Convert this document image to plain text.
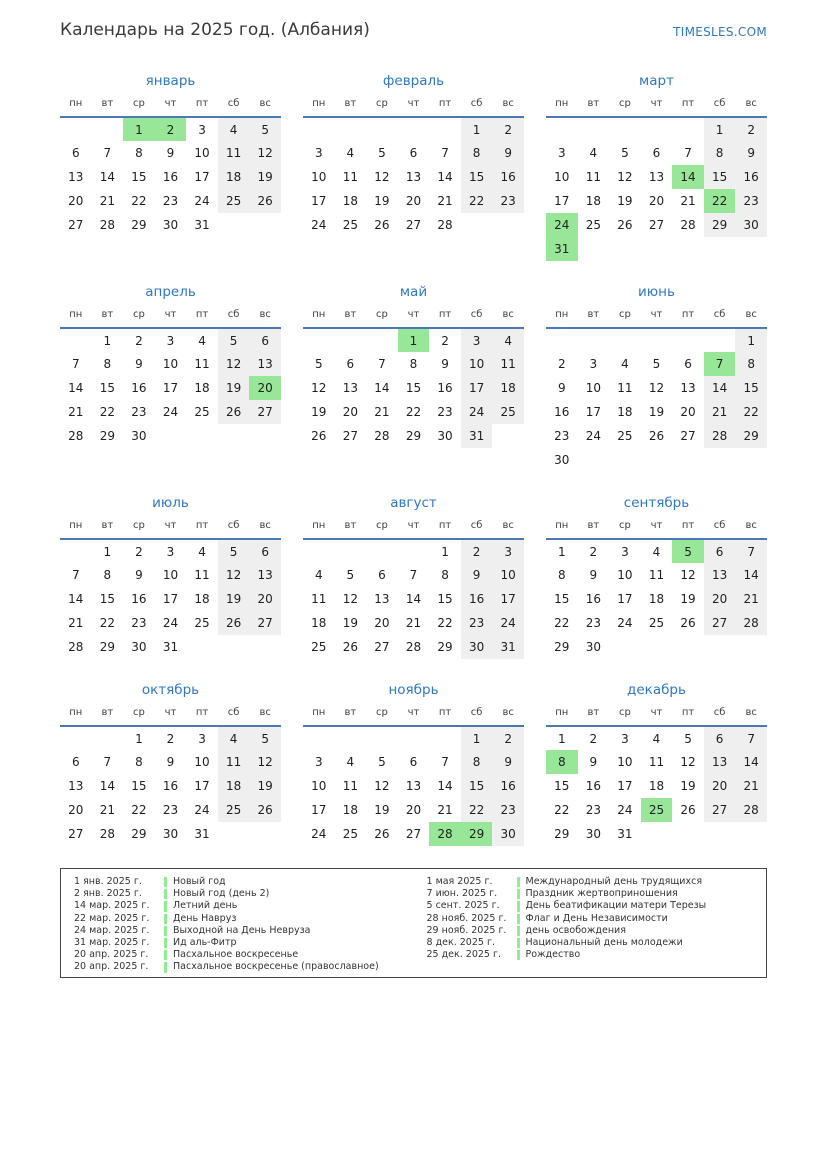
Календарь на 2025 год. (Албания)	TIMESLES.COM
январь
пн	вт	ср	чт	пт	сб	вс
		1	2	3	4	5
6	7	8	9	10	11	12
13	14	15	16	17	18	19
20	21	22	23	24	25	26
27	28	29	30	31		
февраль
пн	вт	ср	чт	пт	сб	вс
					1	2
3	4	5	6	7	8	9
10	11	12	13	14	15	16
17	18	19	20	21	22	23
24	25	26	27	28		
март
пн	вт	ср	чт	пт	сб	вс
					1	2
3	4	5	6	7	8	9
10	11	12	13	14	15	16
17	18	19	20	21	22	23
24	25	26	27	28	29	30
31						
апрель
пн	вт	ср	чт	пт	сб	вс
	1	2	3	4	5	6
7	8	9	10	11	12	13
14	15	16	17	18	19	20
21	22	23	24	25	26	27
28	29	30				
май
пн	вт	ср	чт	пт	сб	вс
			1	2	3	4
5	6	7	8	9	10	11
12	13	14	15	16	17	18
19	20	21	22	23	24	25
26	27	28	29	30	31	
июнь
пн	вт	ср	чт	пт	сб	вс
						1
2	3	4	5	6	7	8
9	10	11	12	13	14	15
16	17	18	19	20	21	22
23	24	25	26	27	28	29
30						
июль
пн	вт	ср	чт	пт	сб	вс
	1	2	3	4	5	6
7	8	9	10	11	12	13
14	15	16	17	18	19	20
21	22	23	24	25	26	27
28	29	30	31			
август
пн	вт	ср	чт	пт	сб	вс
				1	2	3
4	5	6	7	8	9	10
11	12	13	14	15	16	17
18	19	20	21	22	23	24
25	26	27	28	29	30	31
сентябрь
пн	вт	ср	чт	пт	сб	вс
1	2	3	4	5	6	7
8	9	10	11	12	13	14
15	16	17	18	19	20	21
22	23	24	25	26	27	28
29	30					
октябрь
пн	вт	ср	чт	пт	сб	вс
		1	2	3	4	5
6	7	8	9	10	11	12
13	14	15	16	17	18	19
20	21	22	23	24	25	26
27	28	29	30	31		
ноябрь
пн	вт	ср	чт	пт	сб	вс
					1	2
3	4	5	6	7	8	9
10	11	12	13	14	15	16
17	18	19	20	21	22	23
24	25	26	27	28	29	30
декабрь
пн	вт	ср	чт	пт	сб	вс
1	2	3	4	5	6	7
8	9	10	11	12	13	14
15	16	17	18	19	20	21
22	23	24	25	26	27	28
29	30	31				
1 янв. 2025 г.	Новый год
2 янв. 2025 г.	Новый год (день 2)
14 мар. 2025 г.	Летний день
22 мар. 2025 г.	День Навруз
24 мар. 2025 г.	Выходной на День Невруза
31 мар. 2025 г.	Ид аль-Фитр
20 апр. 2025 г.	Пасхальное воскресенье
20 апр. 2025 г.	Пасхальное воскресенье (православное)
1 мая 2025 г.	Международный день трудящихся
7 июн. 2025 г.	Праздник жертвоприношения
5 сент. 2025 г.	День беатификации матери Терезы
28 нояб. 2025 г.	Флаг и День Независимости
29 нояб. 2025 г.	день освобождения
8 дек. 2025 г.	Национальный день молодежи
25 дек. 2025 г.	Рождество
